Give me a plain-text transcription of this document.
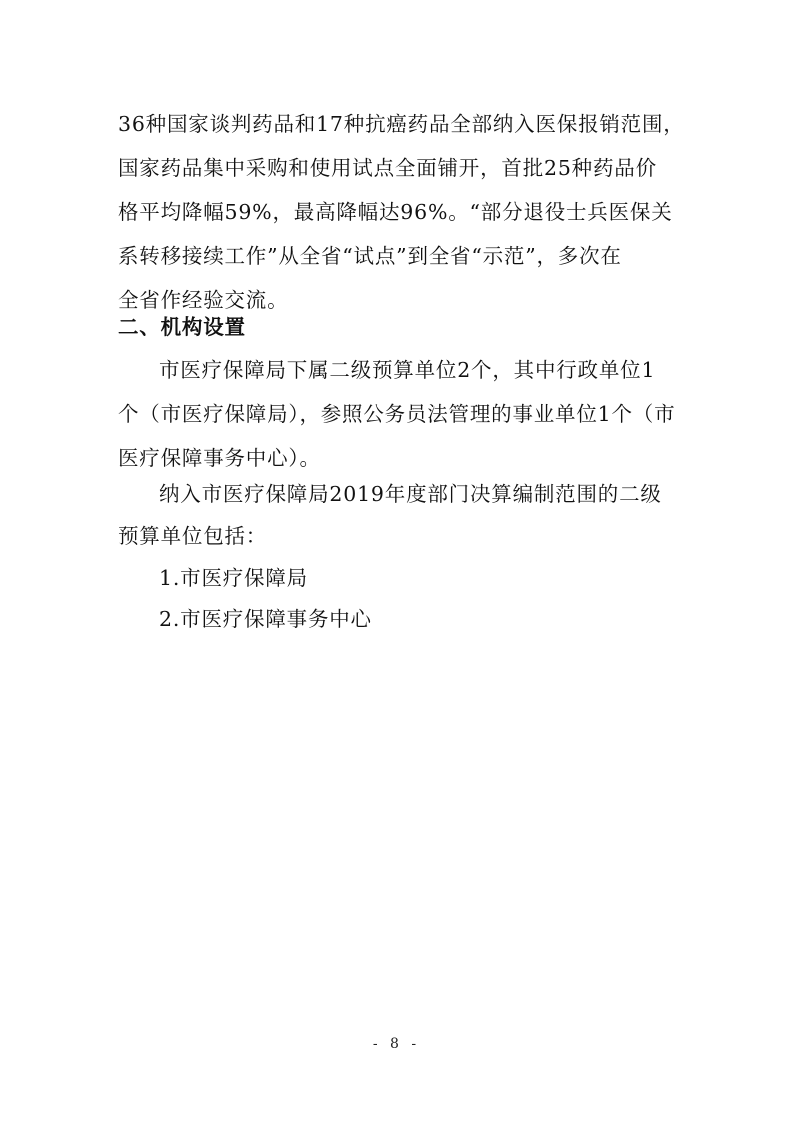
36种国家谈判药品和17种抗癌药品全部纳入医保报销范围，
国家药品集中采购和使用试点全面铺开，首批25种药品价
格平均降幅59%，最高降幅达96%。“部分退役士兵医保关
系转移接续工作”从全省“试点”到全省“示范”，多次在
全省作经验交流。
二、机构设置
市医疗保障局下属二级预算单位2个，其中行政单位1
个（市医疗保障局），参照公务员法管理的事业单位1个（市
医疗保障事务中心）。
纳入市医疗保障局2019年度部门决算编制范围的二级
预算单位包括：
1.市医疗保障局
2.市医疗保障事务中心
- 8 -
